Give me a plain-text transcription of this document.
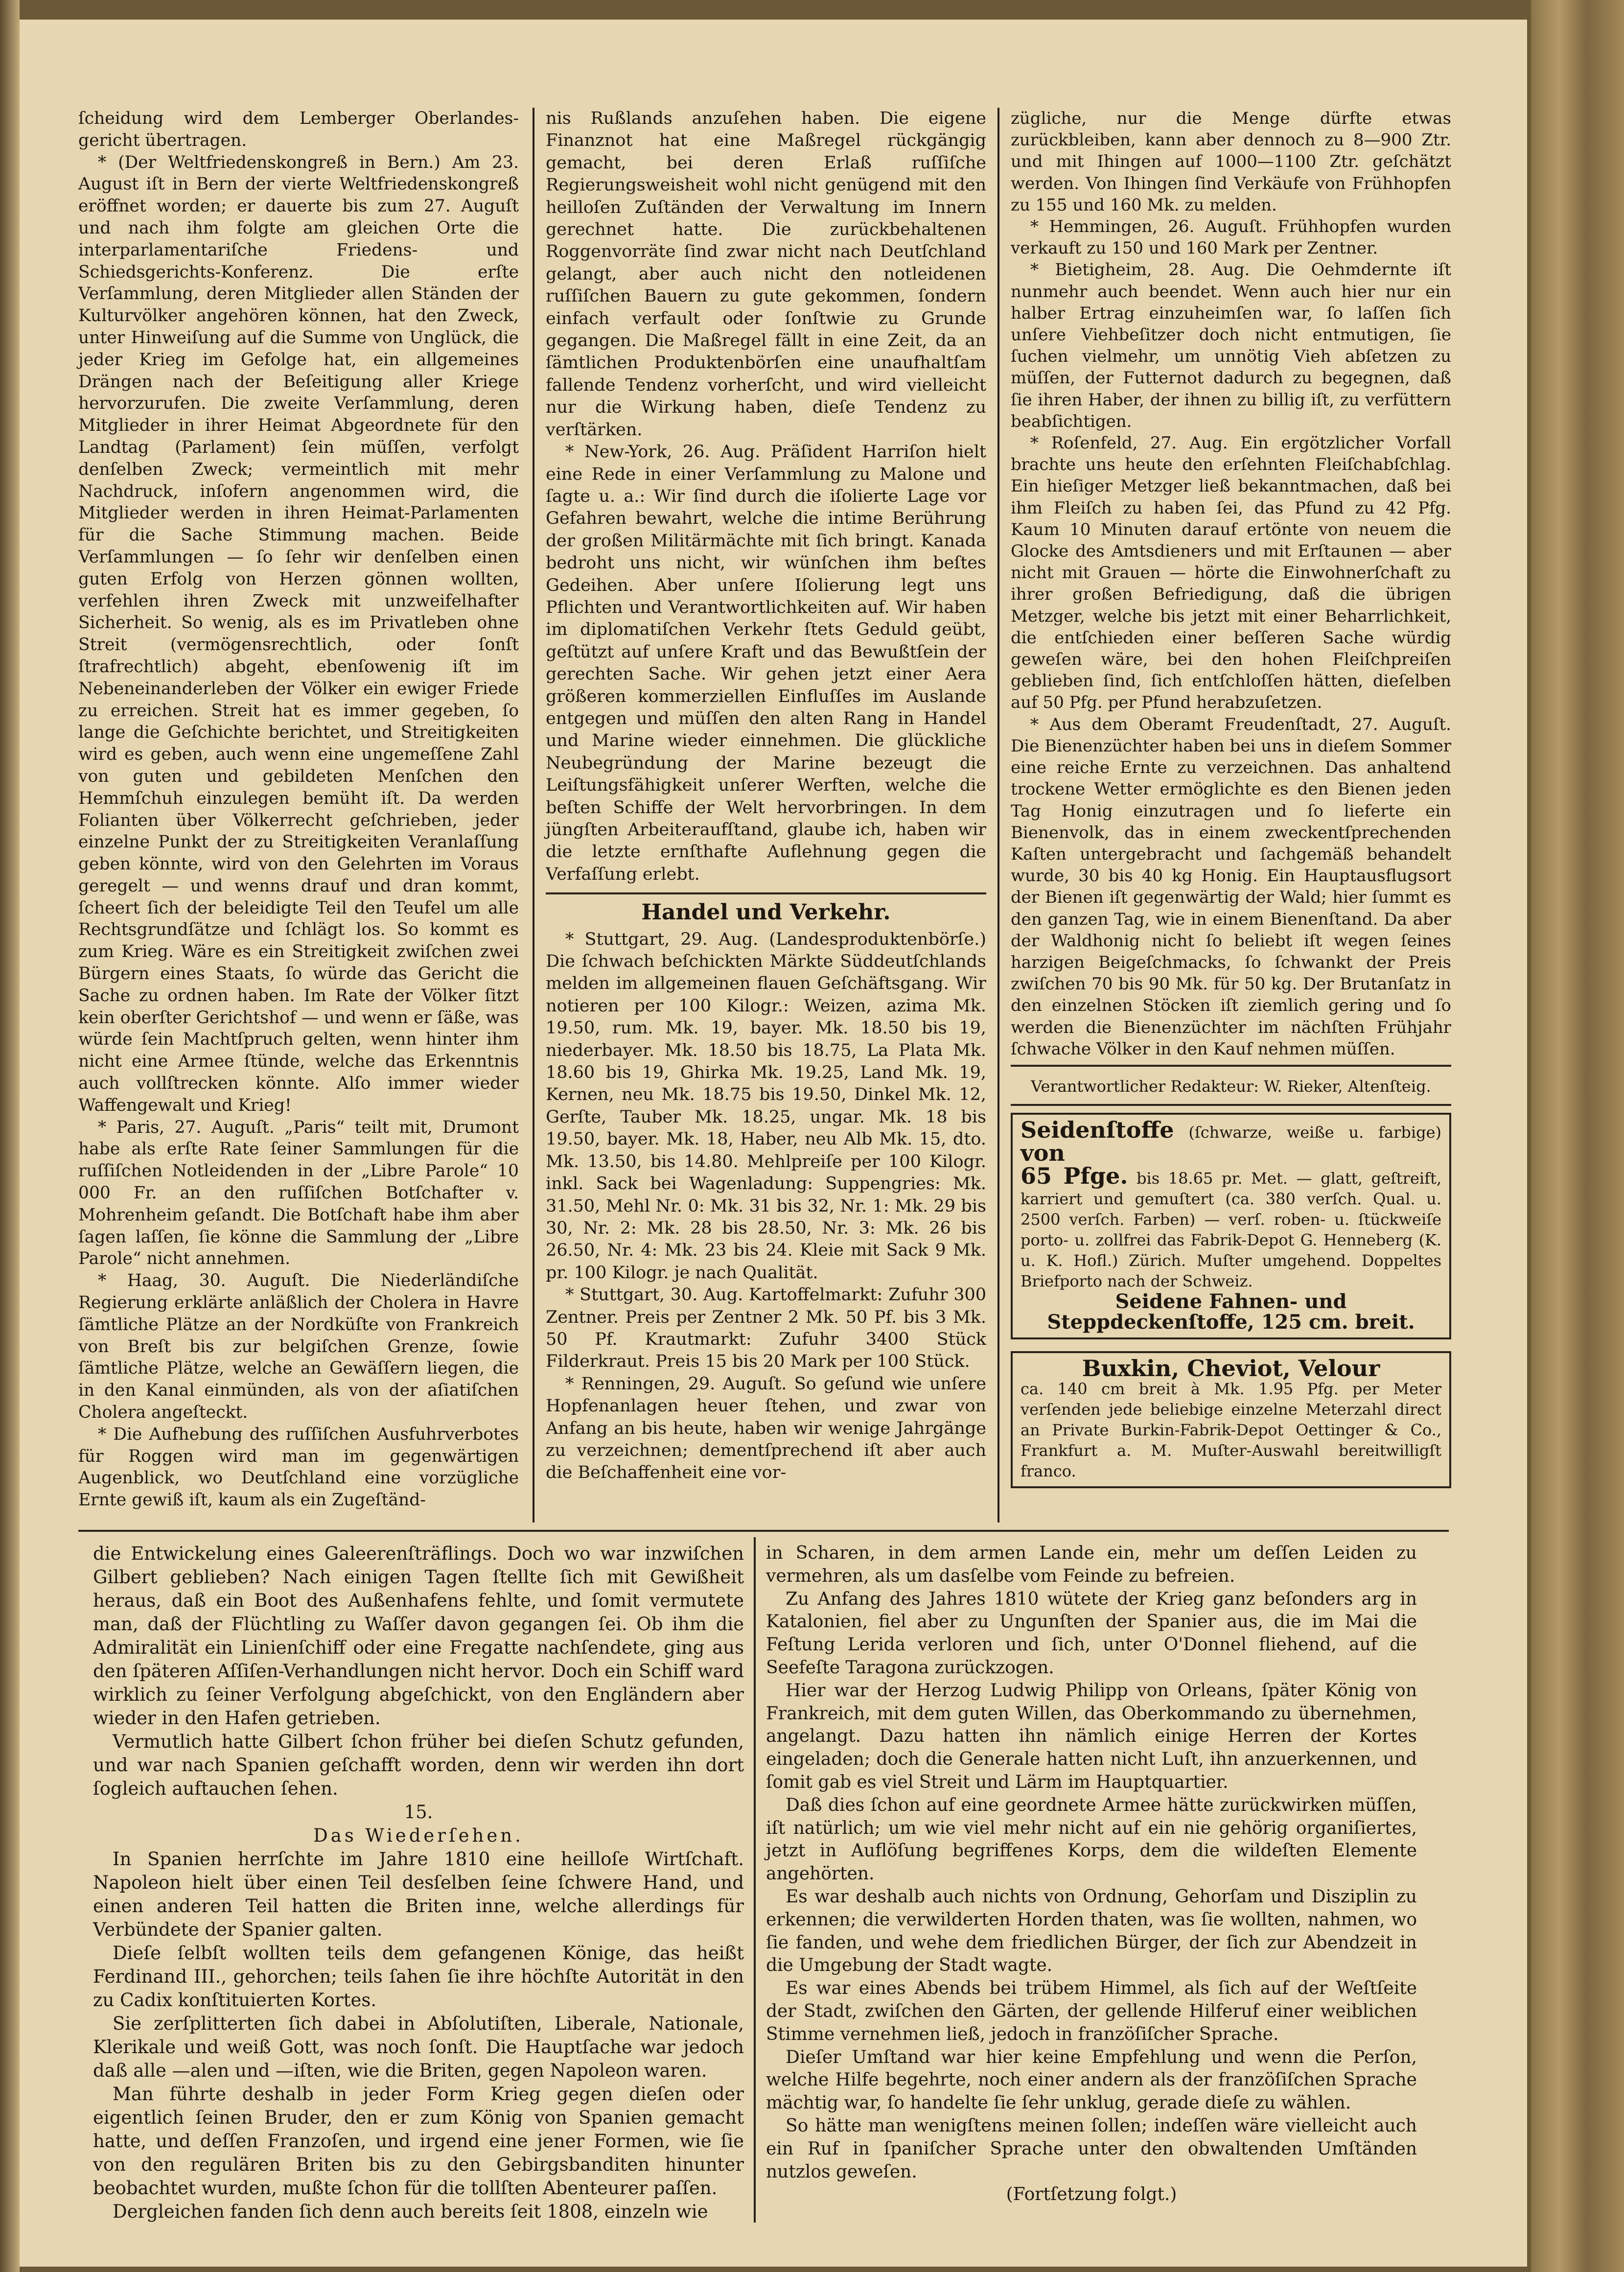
ſcheidung wird dem Lemberger Oberlandes-gericht übertragen.

* (Der Weltfriedenskongreß in Bern.) Am 23. August iſt in Bern der vierte Weltfriedenskongreß eröffnet worden; er dauerte bis zum 27. Auguſt und nach ihm folgte am gleichen Orte die interparlamentariſche Friedens- und Schiedsgerichts-Konferenz. Die erſte Verſammlung, deren Mitglieder allen Ständen der Kulturvölker angehören können, hat den Zweck, unter Hinweiſung auf die Summe von Unglück, die jeder Krieg im Gefolge hat, ein allgemeines Drängen nach der Beſeitigung aller Kriege hervorzurufen. Die zweite Verſammlung, deren Mitglieder in ihrer Heimat Abgeordnete für den Landtag (Parlament) ſein müſſen, verfolgt denſelben Zweck; vermeintlich mit mehr Nachdruck, inſofern angenommen wird, die Mitglieder werden in ihren Heimat-Parlamenten für die Sache Stimmung machen. Beide Verſammlungen — ſo ſehr wir denſelben einen guten Erfolg von Herzen gönnen wollten, verfehlen ihren Zweck mit unzweifelhafter Sicherheit. So wenig, als es im Privatleben ohne Streit (vermögensrechtlich, oder ſonſt ſtrafrechtlich) abgeht, ebenſowenig iſt im Nebeneinanderleben der Völker ein ewiger Friede zu erreichen. Streit hat es immer gegeben, ſo lange die Geſchichte berichtet, und Streitigkeiten wird es geben, auch wenn eine ungemeſſene Zahl von guten und gebildeten Menſchen den Hemmſchuh einzulegen bemüht iſt. Da werden Folianten über Völkerrecht geſchrieben, jeder einzelne Punkt der zu Streitigkeiten Veranlaſſung geben könnte, wird von den Gelehrten im Voraus geregelt — und wenns drauf und dran kommt, ſcheert ſich der beleidigte Teil den Teufel um alle Rechtsgrundſätze und ſchlägt los. So kommt es zum Krieg. Wäre es ein Streitigkeit zwiſchen zwei Bürgern eines Staats, ſo würde das Gericht die Sache zu ordnen haben. Im Rate der Völker ſitzt kein oberſter Gerichtshof — und wenn er ſäße, was würde ſein Machtſpruch gelten, wenn hinter ihm nicht eine Armee ſtünde, welche das Erkenntnis auch vollſtrecken könnte. Alſo immer wieder Waffengewalt und Krieg!

* Paris, 27. Auguſt. „Paris“ teilt mit, Drumont habe als erſte Rate ſeiner Sammlungen für die ruſſiſchen Notleidenden in der „Libre Parole“ 10 000 Fr. an den ruſſiſchen Botſchafter v. Mohrenheim geſandt. Die Botſchaft habe ihm aber ſagen laſſen, ſie könne die Sammlung der „Libre Parole“ nicht annehmen.

* Haag, 30. Auguſt. Die Niederländiſche Regierung erklärte anläßlich der Cholera in Havre ſämtliche Plätze an der Nordküſte von Frankreich von Breſt bis zur belgiſchen Grenze, ſowie ſämtliche Plätze, welche an Gewäſſern liegen, die in den Kanal einmünden, als von der aſiatiſchen Cholera angeſteckt.

* Die Aufhebung des ruſſiſchen Ausfuhrverbotes für Roggen wird man im gegenwärtigen Augenblick, wo Deutſchland eine vorzügliche Ernte gewiß iſt, kaum als ein Zugeſtänd-

nis Rußlands anzuſehen haben. Die eigene Finanznot hat eine Maßregel rückgängig gemacht, bei deren Erlaß ruſſiſche Regierungsweisheit wohl nicht genügend mit den heilloſen Zuſtänden der Verwaltung im Innern gerechnet hatte. Die zurückbehaltenen Roggenvorräte ſind zwar nicht nach Deutſchland gelangt, aber auch nicht den notleidenen ruſſiſchen Bauern zu gute gekommen, ſondern einfach verfault oder ſonſtwie zu Grunde gegangen. Die Maßregel fällt in eine Zeit, da an ſämtlichen Produktenbörſen eine unaufhaltſam fallende Tendenz vorherſcht, und wird vielleicht nur die Wirkung haben, dieſe Tendenz zu verſtärken.

* New-York, 26. Aug. Präſident Harriſon hielt eine Rede in einer Verſammlung zu Malone und ſagte u. a.: Wir ſind durch die iſolierte Lage vor Gefahren bewahrt, welche die intime Berührung der großen Militärmächte mit ſich bringt. Kanada bedroht uns nicht, wir wünſchen ihm beſtes Gedeihen. Aber unſere Iſolierung legt uns Pflichten und Verantwortlichkeiten auf. Wir haben im diplomatiſchen Verkehr ſtets Geduld geübt, geſtützt auf unſere Kraft und das Bewußtſein der gerechten Sache. Wir gehen jetzt einer Aera größeren kommerziellen Einfluſſes im Auslande entgegen und müſſen den alten Rang in Handel und Marine wieder einnehmen. Die glückliche Neubegründung der Marine bezeugt die Leiſtungsfähigkeit unſerer Werften, welche die beſten Schiffe der Welt hervorbringen. In dem jüngſten Arbeiteraufſtand, glaube ich, haben wir die letzte ernſthafte Auflehnung gegen die Verfaſſung erlebt.

Handel und Verkehr.

* Stuttgart, 29. Aug. (Landesproduktenbörſe.) Die ſchwach beſchickten Märkte Süddeutſchlands melden im allgemeinen flauen Geſchäftsgang. Wir notieren per 100 Kilogr.: Weizen, azima Mk. 19.50, rum. Mk. 19, bayer. Mk. 18.50 bis 19, niederbayer. Mk. 18.50 bis 18.75, La Plata Mk. 18.60 bis 19, Ghirka Mk. 19.25, Land Mk. 19, Kernen, neu Mk. 18.75 bis 19.50, Dinkel Mk. 12, Gerſte, Tauber Mk. 18.25, ungar. Mk. 18 bis 19.50, bayer. Mk. 18, Haber, neu Alb Mk. 15, dto. Mk. 13.50, bis 14.80. Mehlpreiſe per 100 Kilogr. inkl. Sack bei Wagenladung: Suppengries: Mk. 31.50, Mehl Nr. 0: Mk. 31 bis 32, Nr. 1: Mk. 29 bis 30, Nr. 2: Mk. 28 bis 28.50, Nr. 3: Mk. 26 bis 26.50, Nr. 4: Mk. 23 bis 24. Kleie mit Sack 9 Mk. pr. 100 Kilogr. je nach Qualität.

* Stuttgart, 30. Aug. Kartoffelmarkt: Zufuhr 300 Zentner. Preis per Zentner 2 Mk. 50 Pf. bis 3 Mk. 50 Pf. Krautmarkt: Zufuhr 3400 Stück Filderkraut. Preis 15 bis 20 Mark per 100 Stück.

* Renningen, 29. Auguſt. So geſund wie unſere Hopfenanlagen heuer ſtehen, und zwar von Anfang an bis heute, haben wir wenige Jahrgänge zu verzeichnen; dementſprechend iſt aber auch die Beſchaffenheit eine vor-

zügliche, nur die Menge dürfte etwas zurückbleiben, kann aber dennoch zu 8—900 Ztr. und mit Ihingen auf 1000—1100 Ztr. geſchätzt werden. Von Ihingen ſind Verkäufe von Frühhopfen zu 155 und 160 Mk. zu melden.

* Hemmingen, 26. Auguſt. Frühhopfen wurden verkauft zu 150 und 160 Mark per Zentner.

* Bietigheim, 28. Aug. Die Oehmdernte iſt nunmehr auch beendet. Wenn auch hier nur ein halber Ertrag einzuheimſen war, ſo laſſen ſich unſere Viehbeſitzer doch nicht entmutigen, ſie ſuchen vielmehr, um unnötig Vieh abſetzen zu müſſen, der Futternot dadurch zu begegnen, daß ſie ihren Haber, der ihnen zu billig iſt, zu verfüttern beabſichtigen.

* Roſenfeld, 27. Aug. Ein ergötzlicher Vorfall brachte uns heute den erſehnten Fleiſchabſchlag. Ein hieſiger Metzger ließ bekanntmachen, daß bei ihm Fleiſch zu haben ſei, das Pfund zu 42 Pfg. Kaum 10 Minuten darauf ertönte von neuem die Glocke des Amtsdieners und mit Erſtaunen — aber nicht mit Grauen — hörte die Einwohnerſchaft zu ihrer großen Befriedigung, daß die übrigen Metzger, welche bis jetzt mit einer Beharrlichkeit, die entſchieden einer beſſeren Sache würdig geweſen wäre, bei den hohen Fleiſchpreiſen geblieben ſind, ſich entſchloſſen hätten, dieſelben auf 50 Pfg. per Pfund herabzuſetzen.

* Aus dem Oberamt Freudenſtadt, 27. Auguſt. Die Bienenzüchter haben bei uns in dieſem Sommer eine reiche Ernte zu verzeichnen. Das anhaltend trockene Wetter ermöglichte es den Bienen jeden Tag Honig einzutragen und ſo lieferte ein Bienenvolk, das in einem zweckentſprechenden Kaſten untergebracht und ſachgemäß behandelt wurde, 30 bis 40 kg Honig. Ein Hauptausflugsort der Bienen iſt gegenwärtig der Wald; hier ſummt es den ganzen Tag, wie in einem Bienenſtand. Da aber der Waldhonig nicht ſo beliebt iſt wegen ſeines harzigen Beigeſchmacks, ſo ſchwankt der Preis zwiſchen 70 bis 90 Mk. für 50 kg. Der Brutanſatz in den einzelnen Stöcken iſt ziemlich gering und ſo werden die Bienenzüchter im nächſten Frühjahr ſchwache Völker in den Kauf nehmen müſſen.

Verantwortlicher Redakteur: W. Rieker, Altenſteig.
Seidenſtoffe (ſchwarze, weiße u. farbige) von
65 Pfge. bis 18.65 pr. Met. — glatt, geſtreift, karriert und gemuſtert (ca. 380 verſch. Qual. u. 2500 verſch. Farben) — verſ. roben- u. ſtückweiſe porto- u. zollfrei das Fabrik-Depot G. Henneberg (K. u. K. Hofl.) Zürich. Muſter umgehend. Doppeltes Briefporto nach der Schweiz.
Seidene Fahnen- und Steppdeckenſtoffe, 125 cm. breit.
Buxkin, Cheviot, Velour
ca. 140 cm breit à Mk. 1.95 Pfg. per Meter verſenden jede beliebige einzelne Meterzahl direct an Private Burkin-Fabrik-Depot Oettinger & Co., Frankfurt a. M. Muſter-Auswahl bereitwilligſt franco.

die Entwickelung eines Galeerenſträflings. Doch wo war inzwiſchen Gilbert geblieben? Nach einigen Tagen ſtellte ſich mit Gewißheit heraus, daß ein Boot des Außenhafens fehlte, und ſomit vermutete man, daß der Flüchtling zu Waſſer davon gegangen ſei. Ob ihm die Admiralität ein Linienſchiff oder eine Fregatte nachſendete, ging aus den ſpäteren Aſſiſen-Verhandlungen nicht hervor. Doch ein Schiff ward wirklich zu ſeiner Verfolgung abgeſchickt, von den Engländern aber wieder in den Hafen getrieben.

Vermutlich hatte Gilbert ſchon früher bei dieſen Schutz gefunden, und war nach Spanien geſchafft worden, denn wir werden ihn dort ſogleich auftauchen ſehen.

15.

Das Wiederſehen.

In Spanien herrſchte im Jahre 1810 eine heilloſe Wirtſchaft. Napoleon hielt über einen Teil desſelben ſeine ſchwere Hand, und einen anderen Teil hatten die Briten inne, welche allerdings für Verbündete der Spanier galten.

Dieſe ſelbſt wollten teils dem gefangenen Könige, das heißt Ferdinand III., gehorchen; teils ſahen ſie ihre höchſte Autorität in den zu Cadix konſtituierten Kortes.

Sie zerſplitterten ſich dabei in Abſolutiſten, Liberale, Nationale, Klerikale und weiß Gott, was noch ſonſt. Die Hauptſache war jedoch daß alle —alen und —iſten, wie die Briten, gegen Napoleon waren.

Man führte deshalb in jeder Form Krieg gegen dieſen oder eigentlich ſeinen Bruder, den er zum König von Spanien gemacht hatte, und deſſen Franzoſen, und irgend eine jener Formen, wie ſie von den regulären Briten bis zu den Gebirgsbanditen hinunter beobachtet wurden, mußte ſchon für die tollſten Abenteurer paſſen.

Dergleichen fanden ſich denn auch bereits ſeit 1808, einzeln wie

in Scharen, in dem armen Lande ein, mehr um deſſen Leiden zu vermehren, als um dasſelbe vom Feinde zu befreien.

Zu Anfang des Jahres 1810 wütete der Krieg ganz beſonders arg in Katalonien, fiel aber zu Ungunſten der Spanier aus, die im Mai die Feſtung Lerida verloren und ſich, unter O'Donnel fliehend, auf die Seefeſte Taragona zurückzogen.

Hier war der Herzog Ludwig Philipp von Orleans, ſpäter König von Frankreich, mit dem guten Willen, das Oberkommando zu übernehmen, angelangt. Dazu hatten ihn nämlich einige Herren der Kortes eingeladen; doch die Generale hatten nicht Luſt, ihn anzuerkennen, und ſomit gab es viel Streit und Lärm im Hauptquartier.

Daß dies ſchon auf eine geordnete Armee hätte zurückwirken müſſen, iſt natürlich; um wie viel mehr nicht auf ein nie gehörig organiſiertes, jetzt in Auflöſung begriffenes Korps, dem die wildeſten Elemente angehörten.

Es war deshalb auch nichts von Ordnung, Gehorſam und Disziplin zu erkennen; die verwilderten Horden thaten, was ſie wollten, nahmen, wo ſie fanden, und wehe dem friedlichen Bürger, der ſich zur Abendzeit in die Umgebung der Stadt wagte.

Es war eines Abends bei trübem Himmel, als ſich auf der Weſtſeite der Stadt, zwiſchen den Gärten, der gellende Hilferuf einer weiblichen Stimme vernehmen ließ, jedoch in franzöſiſcher Sprache.

Dieſer Umſtand war hier keine Empfehlung und wenn die Perſon, welche Hilfe begehrte, noch einer andern als der franzöſiſchen Sprache mächtig war, ſo handelte ſie ſehr unklug, gerade dieſe zu wählen.

So hätte man wenigſtens meinen ſollen; indeſſen wäre vielleicht auch ein Ruf in ſpaniſcher Sprache unter den obwaltenden Umſtänden nutzlos geweſen.

(Fortſetzung folgt.)
